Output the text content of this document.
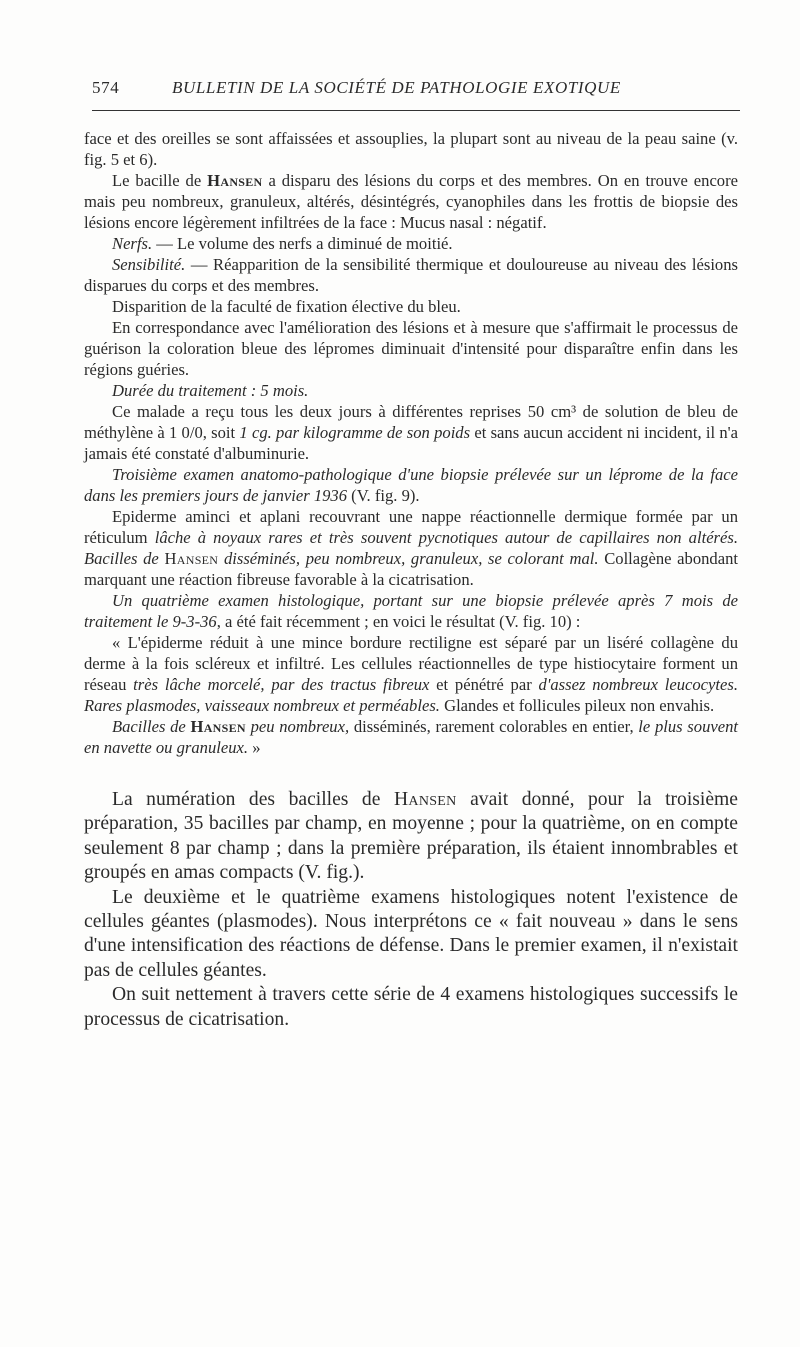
574	BULLETIN DE LA SOCIÉTÉ DE PATHOLOGIE EXOTIQUE

face et des oreilles se sont affaissées et assouplies, la plupart sont au niveau de la peau saine (v. fig. 5 et 6).

Le bacille de Hansen a disparu des lésions du corps et des membres. On en trouve encore mais peu nombreux, granuleux, altérés, désintégrés, cyanophiles dans les frottis de biopsie des lésions encore légèrement infiltrées de la face : Mucus nasal : négatif.

Nerfs. — Le volume des nerfs a diminué de moitié.

Sensibilité. — Réapparition de la sensibilité thermique et douloureuse au niveau des lésions disparues du corps et des membres.

Disparition de la faculté de fixation élective du bleu.

En correspondance avec l'amélioration des lésions et à mesure que s'affirmait le processus de guérison la coloration bleue des lépromes diminuait d'intensité pour disparaître enfin dans les régions guéries.

Durée du traitement : 5 mois.

Ce malade a reçu tous les deux jours à différentes reprises 50 cm³ de solution de bleu de méthylène à 1 0/0, soit 1 cg. par kilogramme de son poids et sans aucun accident ni incident, il n'a jamais été constaté d'albuminurie.

Troisième examen anatomo-pathologique d'une biopsie prélevée sur un léprome de la face dans les premiers jours de janvier 1936 (V. fig. 9).

Epiderme aminci et aplani recouvrant une nappe réactionnelle dermique formée par un réticulum lâche à noyaux rares et très souvent pycnotiques autour de capillaires non altérés. Bacilles de Hansen disséminés, peu nombreux, granuleux, se colorant mal. Collagène abondant marquant une réaction fibreuse favorable à la cicatrisation.

Un quatrième examen histologique, portant sur une biopsie prélevée après 7 mois de traitement le 9-3-36, a été fait récemment ; en voici le résultat (V. fig. 10) :

« L'épiderme réduit à une mince bordure rectiligne est séparé par un liséré collagène du derme à la fois scléreux et infiltré. Les cellules réactionnelles de type histiocytaire forment un réseau très lâche morcelé, par des tractus fibreux et pénétré par d'assez nombreux leucocytes. Rares plasmodes, vaisseaux nombreux et perméables. Glandes et follicules pileux non envahis.

Bacilles de Hansen peu nombreux, disséminés, rarement colorables en entier, le plus souvent en navette ou granuleux. »

La numération des bacilles de Hansen avait donné, pour la troisième préparation, 35 bacilles par champ, en moyenne ; pour la quatrième, on en compte seulement 8 par champ ; dans la première préparation, ils étaient innombrables et groupés en amas compacts (V. fig.).

Le deuxième et le quatrième examens histologiques notent l'existence de cellules géantes (plasmodes). Nous interprétons ce « fait nouveau » dans le sens d'une intensification des réactions de défense. Dans le premier examen, il n'existait pas de cellules géantes.

On suit nettement à travers cette série de 4 examens histologiques successifs le processus de cicatrisation.
